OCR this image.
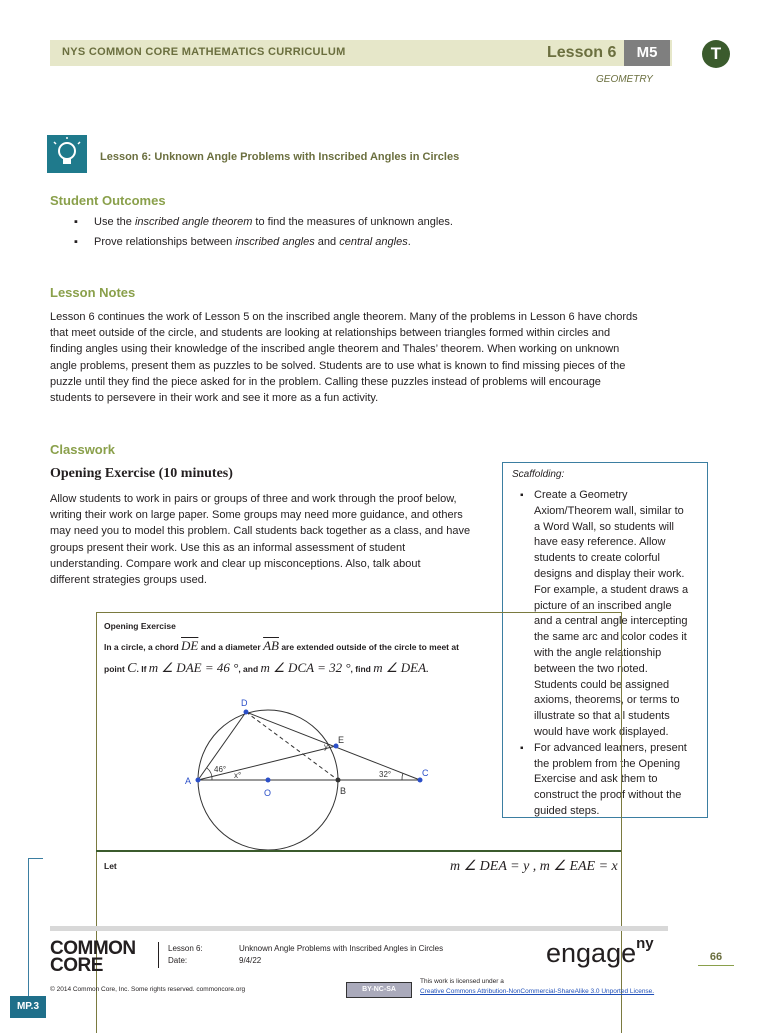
NYS COMMON CORE MATHEMATICS CURRICULUM	Lesson 6	M5
GEOMETRY
T
Lesson 6: Unknown Angle Problems with Inscribed Angles in Circles
Student Outcomes
▪ Use the inscribed angle theorem to find the measures of unknown angles.
▪ Prove relationships between inscribed angles and central angles.
Lesson Notes
Lesson 6 continues the work of Lesson 5 on the inscribed angle theorem. Many of the problems in Lesson 6 have chords
that meet outside of the circle, and students are looking at relationships between triangles formed within circles and
finding angles using their knowledge of the inscribed angle theorem and Thales’ theorem. When working on unknown
angle problems, present them as puzzles to be solved. Students are to use what is known to find missing pieces of the
puzzle until they find the piece asked for in the problem. Calling these puzzles instead of problems will encourage
students to persevere in their work and see it more as a fun activity.
Classwork
Opening Exercise (10 minutes)
Allow students to work in pairs or groups of three and work through the proof below,
writing their work on large paper. Some groups may need more guidance, and others
may need you to model this problem. Call students back together as a class, and have
groups present their work. Use this as an informal assessment of student
understanding. Compare work and clear up misconceptions. Also, talk about
different strategies groups used.
Scaffolding:
▪ Create a Geometry
Axiom/Theorem wall, similar to
a Word Wall, so students will
have easy reference. Allow
students to create colorful
designs and display their work.
For example, a student draws a
picture of an inscribed angle
and a central angle intercepting
the same arc and color codes it
with the angle relationship
between the two noted.
Students could be assigned
axioms, theorems, or terms to
illustrate so that all students
would have work displayed.
▪ For advanced learners, present
the problem from the Opening
Exercise and ask them to
construct the proof without the
guided steps.
Opening Exercise
In a circle, a chord $\overline{DE}$ and a diameter $\overline{AB}$ are extended outside of the circle to meet at
point C. If m ∠ DAE = 46 °, and m ∠ DCA = 32 °, find m ∠ DEA.
A
D
E
O	B
C
46°
x°	32°
y
Let	m ∠ DEA = y , m ∠ EAE = x
MP.3
COMMON
CORE
Lesson 6:	Unknown Angle Problems with Inscribed Angles in Circles
Date:	9/4/22
© 2014 Common Core, Inc. Some rights reserved. commoncore.org	BY-NC-SA
This work is licensed under a
Creative Commons Attribution-NonCommercial-ShareAlike 3.0 Unported License.
engage$^{ny}$
66
